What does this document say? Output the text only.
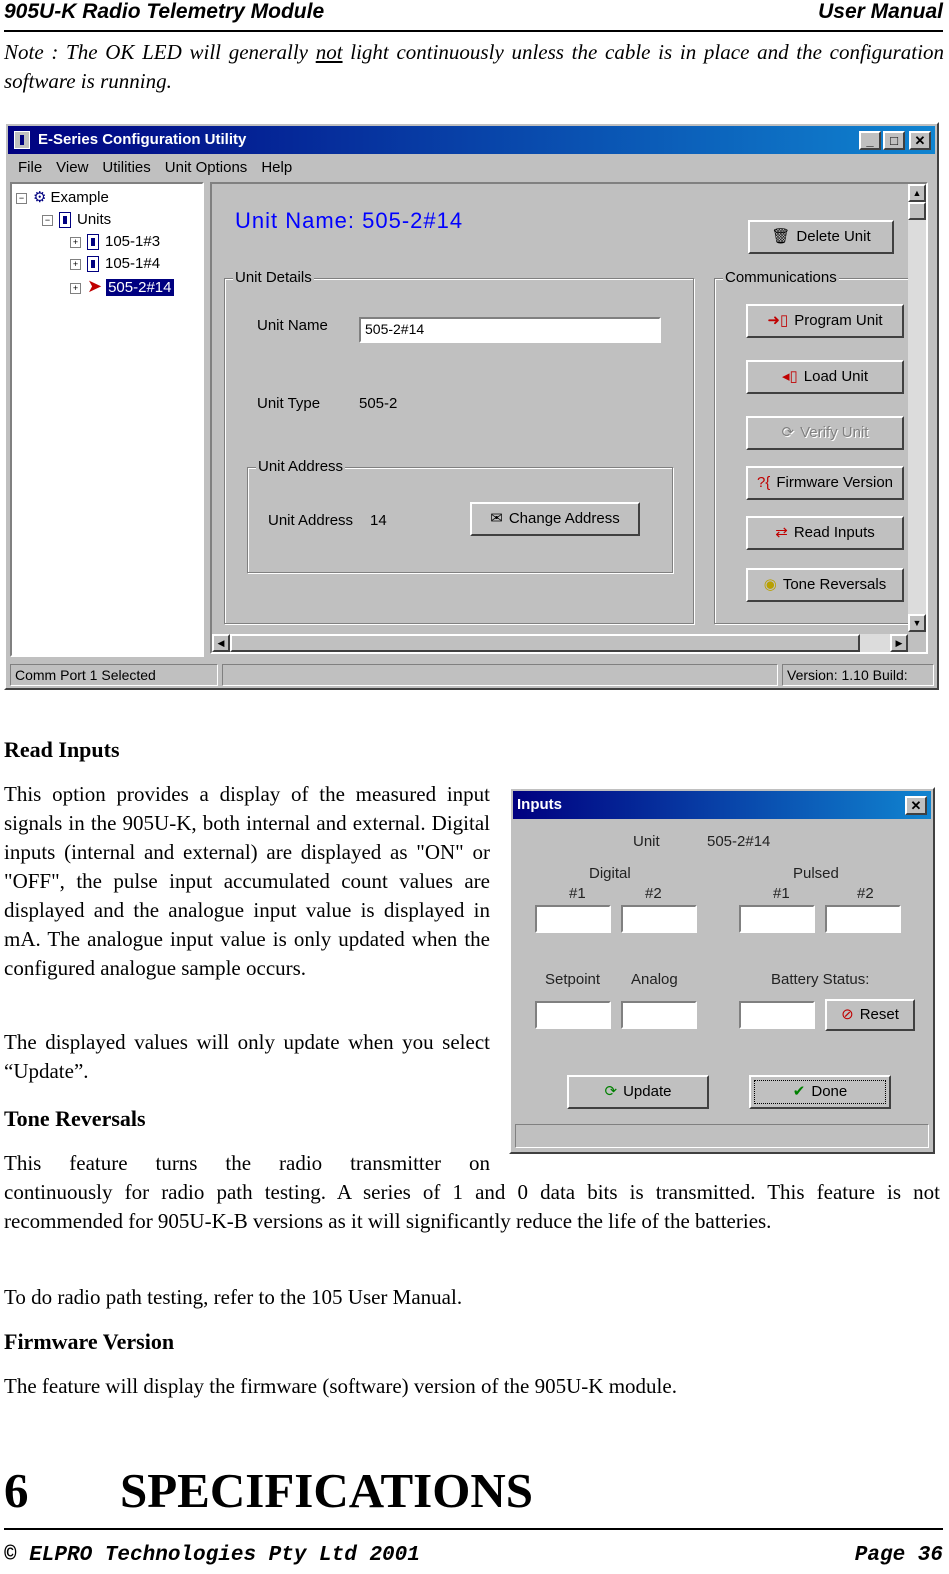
905U-K Radio Telemetry Module	User Manual
Note : The OK LED will generally not light continuously unless the cable is in place and the configuration software is running.
E-Series Configuration Utility	_	□	✕
File View Utilities Unit Options Help
− ⚙ Example
− Units
+ 105-1#3
+ 105-1#4
+ ➤ 505-2#14
Unit Name: 505-2#14
Unit Details
Unit Name	505-2#14
Unit Type	505-2
Unit Address
Unit Address 14	✉ Change Address
Communications
🗑 Delete Unit
➜▯ Program Unit
◂▯ Load Unit
⟳ Verify Unit
?{ Firmware Version
⇄ Read Inputs
◉ Tone Reversals
▲
▼
◀	▶
Comm Port 1 Selected	Version: 1.10 Build:
Read Inputs
This option provides a display of the measured input signals in the 905U-K, both internal and external. Digital inputs (internal and external) are displayed as "ON" or "OFF", the pulse input accumulated count values are displayed and the analogue input value is displayed in mA. The analogue input value is only updated when the configured analogue sample occurs.
The displayed values will only update when you select “Update”.
Inputs	✕
Unit	505-2#14
Digital
#1	#2
Pulsed
#1	#2
Setpoint Analog	Battery Status:
⊘ Reset
⟳ Update	✔ Done
Tone Reversals
This feature turns the radio transmitter on
continuously for radio path testing. A series of 1 and 0 data bits is transmitted. This feature is not recommended for 905U-K-B versions as it will significantly reduce the life of the batteries.
To do radio path testing, refer to the 105 User Manual.
Firmware Version
The feature will display the firmware (software) version of the 905U-K module.
6 SPECIFICATIONS
© ELPRO Technologies Pty Ltd 2001	Page 36
